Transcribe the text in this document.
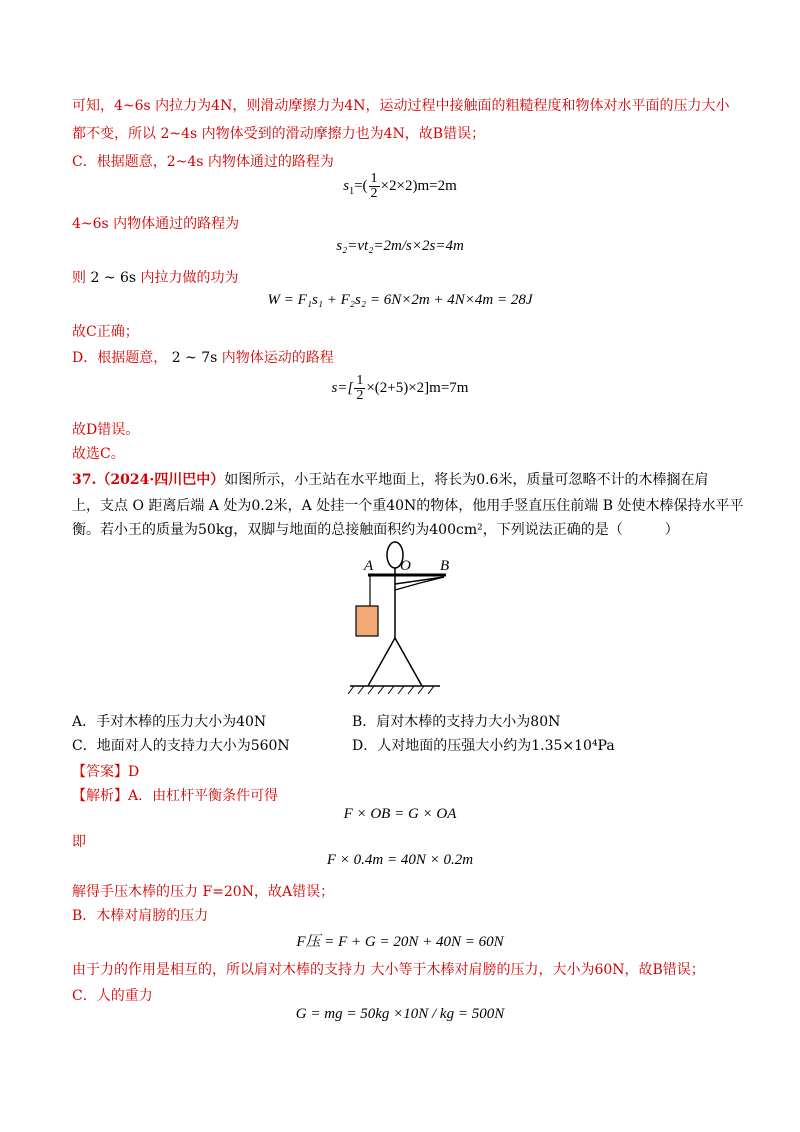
可知，4~6s 内拉力为4N，则滑动摩擦力为4N，运动过程中接触面的粗糙程度和物体对水平面的压力大小
都不变，所以 2~4s 内物体受到的滑动摩擦力也为4N，故B错误；
C．根据题意，2~4s 内物体通过的路程为
$s_1=( \frac{1}{2} \times 2\times 2)m=2m$
4~6s 内物体通过的路程为
s₂=vt₂=2m/s×2s=4m
则 2 ~ 6s 内拉力做的功为
W = F₁s₁ + F₂s₂ = 6N×2m + 4N×4m = 28J
故C正确；
D．根据题意， 2 ~ 7s 内物体运动的路程
$s=[ \frac{1}{2} \times(2+5)\times 2]m=7m$
故D错误。
故选C。
37.（2024·四川巴中）如图所示，小王站在水平地面上，将长为0.6米，质量可忽略不计的木棒搁在肩
上，支点 O 距离后端 A 处为0.2米，A 处挂一个重40N的物体，他用手竖直压住前端 B 处使木棒保持水平平
衡。若小王的质量为50kg，双脚与地面的总接触面积约为400cm²，下列说法正确的是（　　　）
A O B
A．手对木棒的压力大小为40N	B．肩对木棒的支持力大小为80N
C．地面对人的支持力大小为560N	D．人对地面的压强大小约为1.35×10⁴Pa
【答案】D
【解析】A．由杠杆平衡条件可得
F × OB = G × OA
即
F × 0.4m = 40N × 0.2m
解得手压木棒的压力 F=20N，故A错误；
B．木棒对肩膀的压力
F压 = F + G = 20N + 40N = 60N
由于力的作用是相互的，所以肩对木棒的支持力 大小等于木棒对肩膀的压力，大小为60N，故B错误；
C．人的重力
G = mg = 50kg ×10N / kg = 500N
